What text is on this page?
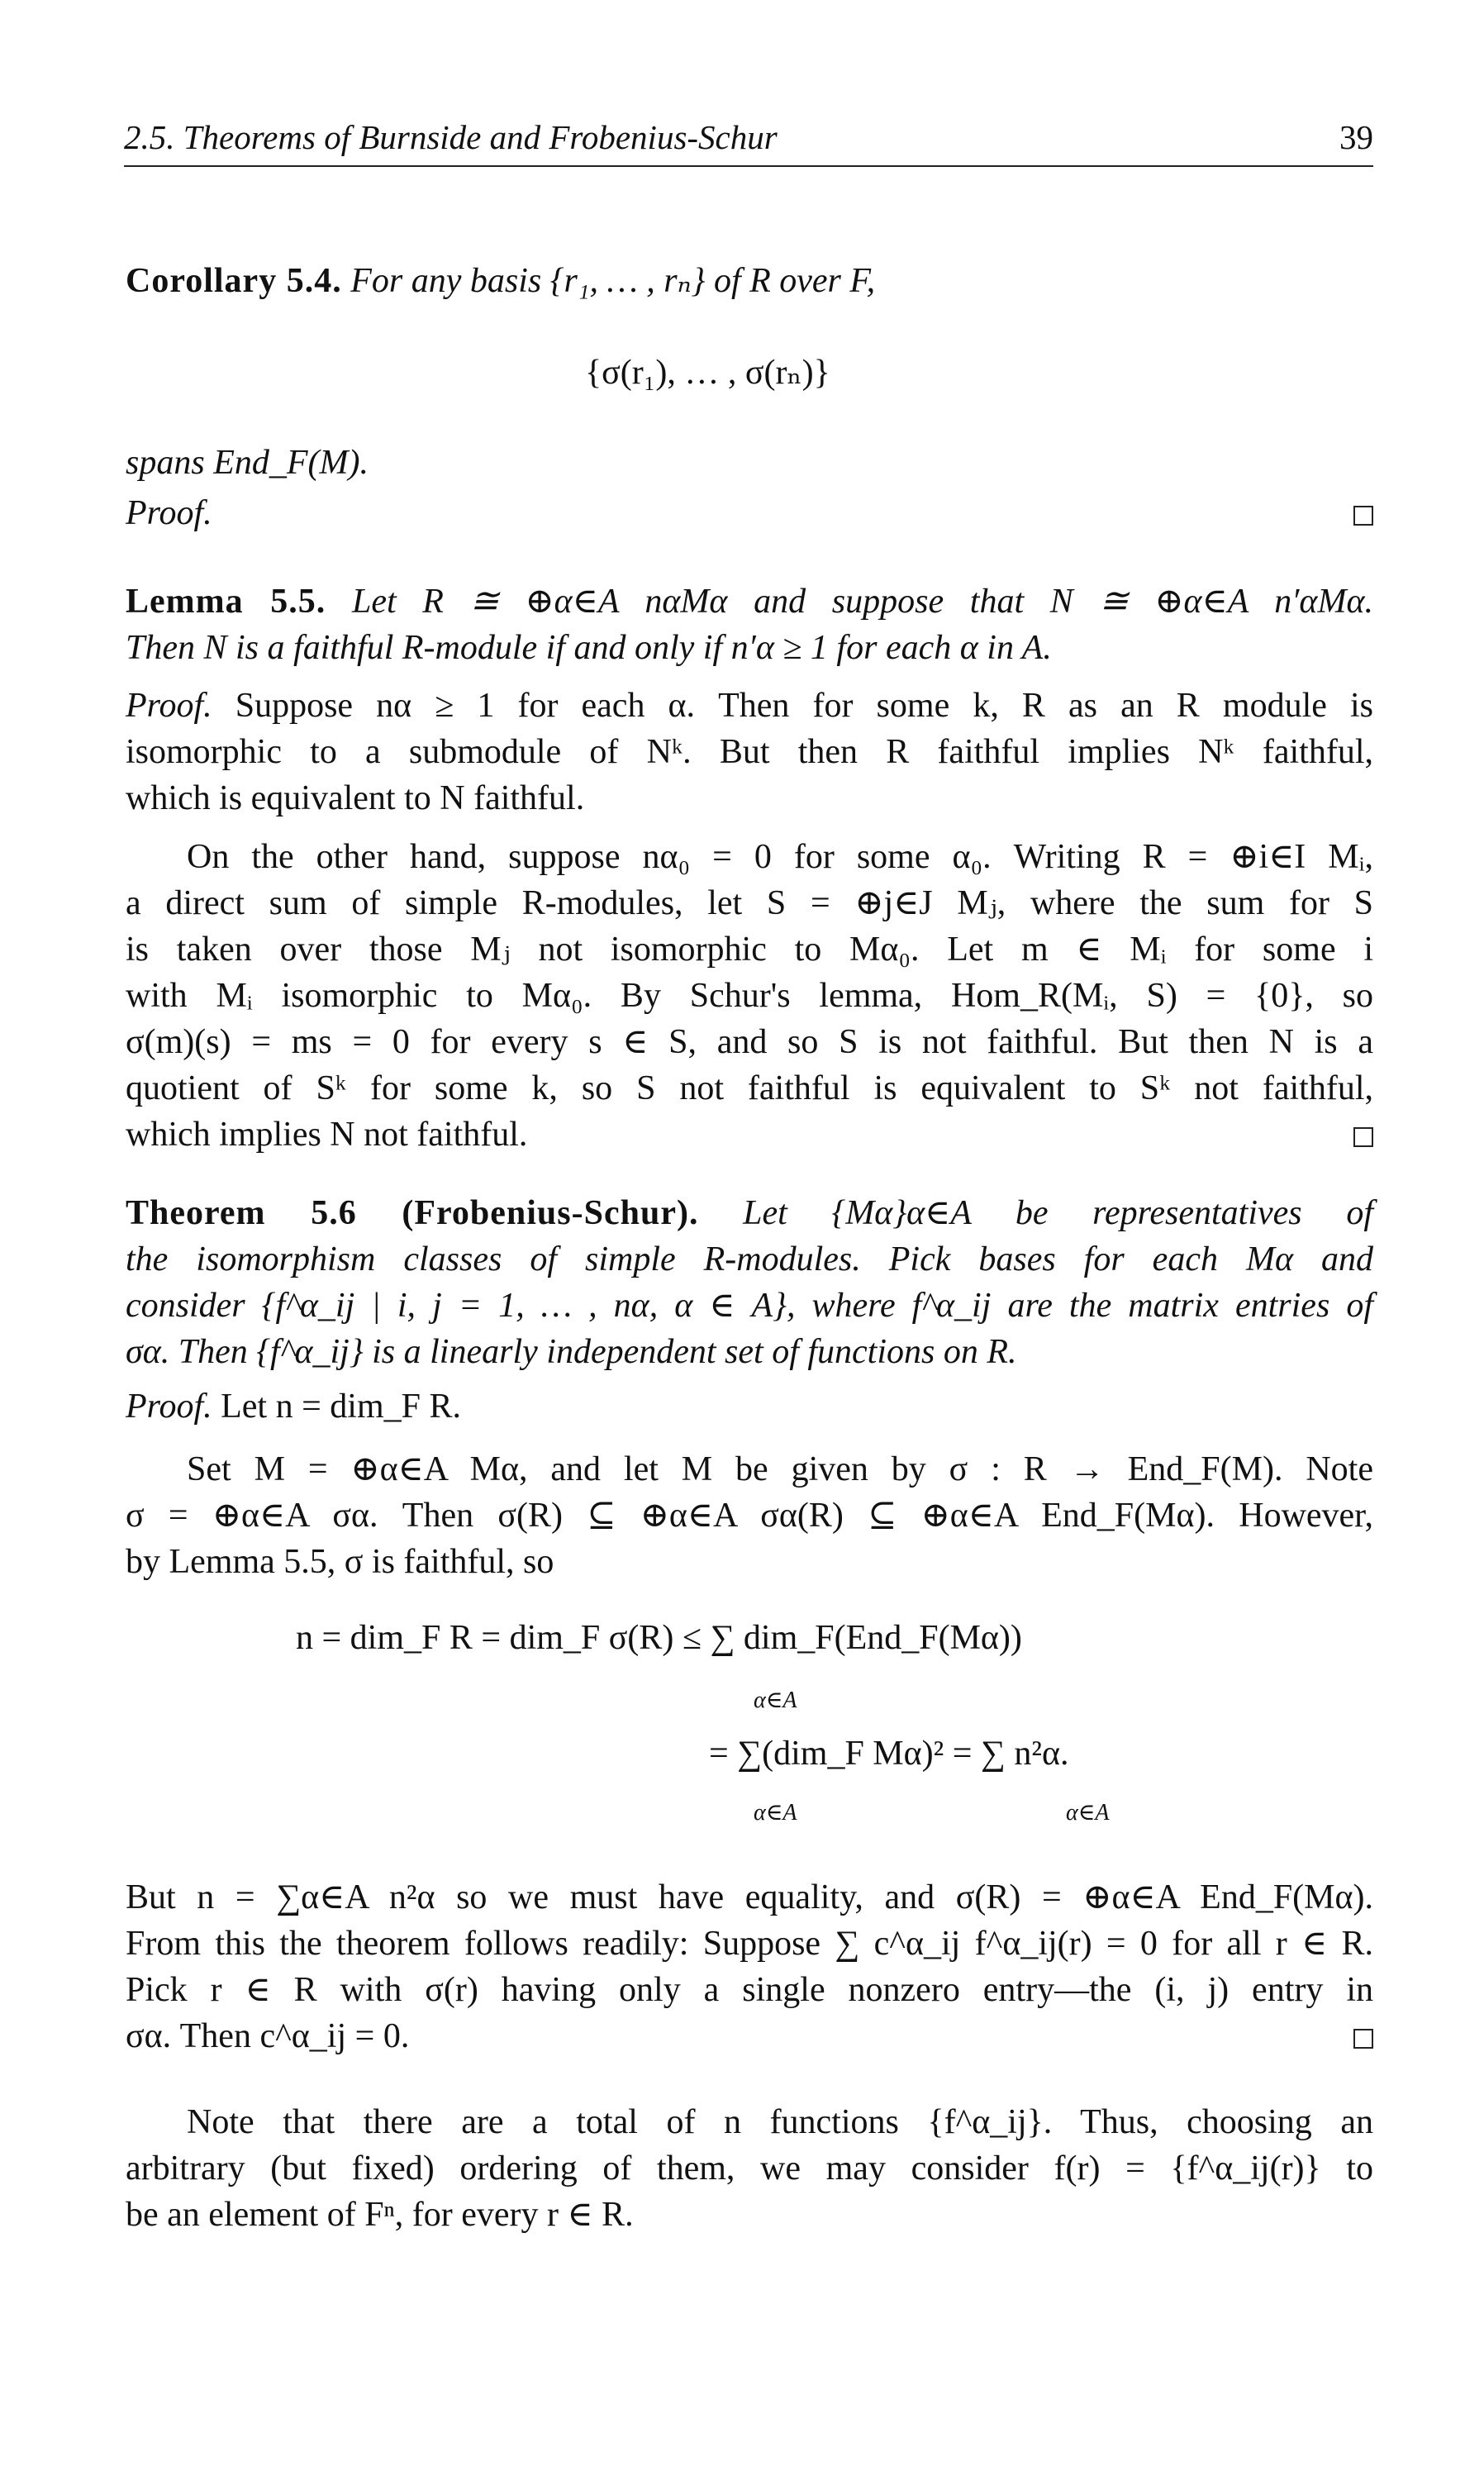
2.5. Theorems of Burnside and Frobenius-Schur	39
Corollary 5.4. For any basis {r₁, … , rₙ} of R over F,
{σ(r₁), … , σ(rₙ)}
spans End_F(M).
Proof.
Lemma 5.5. Let R ≅ ⊕α∈A nαMα and suppose that N ≅ ⊕α∈A n′αMα.
Then N is a faithful R-module if and only if n′α ≥ 1 for each α in A.
Proof. Suppose nα ≥ 1 for each α. Then for some k, R as an R module is
isomorphic to a submodule of Nᵏ. But then R faithful implies Nᵏ faithful,
which is equivalent to N faithful.
On the other hand, suppose nα₀ = 0 for some α₀. Writing R = ⊕i∈I Mᵢ,
a direct sum of simple R-modules, let S = ⊕j∈J Mⱼ, where the sum for S
is taken over those Mⱼ not isomorphic to Mα₀. Let m ∈ Mᵢ for some i
with Mᵢ isomorphic to Mα₀. By Schur's lemma, Hom_R(Mᵢ, S) = {0}, so
σ(m)(s) = ms = 0 for every s ∈ S, and so S is not faithful. But then N is a
quotient of Sᵏ for some k, so S not faithful is equivalent to Sᵏ not faithful,
which implies N not faithful.
Theorem 5.6 (Frobenius-Schur). Let {Mα}α∈A be representatives of
the isomorphism classes of simple R-modules. Pick bases for each Mα and
consider {f^α_ij | i, j = 1, … , nα, α ∈ A}, where f^α_ij are the matrix entries of
σα. Then {f^α_ij} is a linearly independent set of functions on R.
Proof. Let n = dim_F R.
Set M = ⊕α∈A Mα, and let M be given by σ : R → End_F(M). Note
σ = ⊕α∈A σα. Then σ(R) ⊆ ⊕α∈A σα(R) ⊆ ⊕α∈A End_F(Mα). However,
by Lemma 5.5, σ is faithful, so
n = dim_F R = dim_F σ(R) ≤ ∑ dim_F(End_F(Mα))
α∈A
= ∑(dim_F Mα)² = ∑ n²α.
α∈A	α∈A
But n = ∑α∈A n²α so we must have equality, and σ(R) = ⊕α∈A End_F(Mα).
From this the theorem follows readily: Suppose ∑ c^α_ij f^α_ij(r) = 0 for all r ∈ R.
Pick r ∈ R with σ(r) having only a single nonzero entry—the (i, j) entry in
σα. Then c^α_ij = 0.
Note that there are a total of n functions {f^α_ij}. Thus, choosing an
arbitrary (but fixed) ordering of them, we may consider f(r) = {f^α_ij(r)} to
be an element of Fⁿ, for every r ∈ R.
